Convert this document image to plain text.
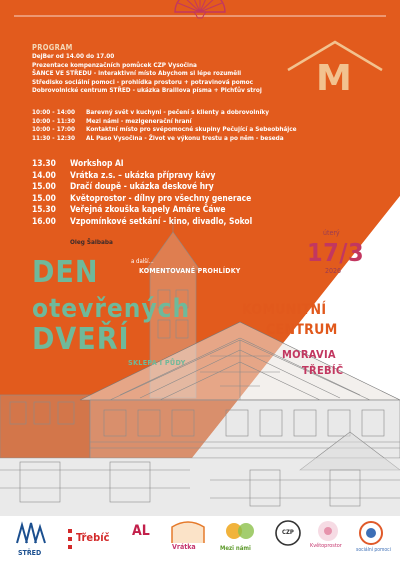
M
PROGRAM
DejBer od 14.00 do 17.00
Prezentace kompenzačních pomůcek CZP Vysočina
ŠANCE VE STŘEDU - interaktivní místo Abychom si lépe rozuměli
Středisko sociální pomoci - prohlídka prostoru + potravinová pomoc
Dobrovolnické centrum STŘED - ukázka Braillova písma + Pichťův stroj
10:00 - 14:00	Barevný svět v kuchyni - pečení s klienty a dobrovolníky
10:00 - 11:30	Mezi námi - mezigenerační hraní
10:00 - 17:00	Kontaktní místo pro svépomocné skupiny Pečující a Sebeobhájce
11:30 - 12:30	AL Paso Vysočina - Život ve výkonu trestu a po něm - beseda
13.30	Workshop AI
14.00	Vrátka z.s. – ukázka přípravy kávy
15.00	Dračí doupě - ukázka deskové hry
15.00	Květoprostor - dílny pro všechny generace
15.30	Veřejná zkouška kapely Amáre Čáwe
16.00	Vzpomínkové setkání - kino, divadlo, Sokol
Oleg Šalbaba
a další...
KOMENTOVANÉ PROHLÍDKY
DEN
otevřených
DVEŘÍ
SKLEPA I PŮDY
úterý
17/3
2026
KOMUNITNÍ
CENTRUM
MORAVIA
TŘEBÍČ
STŘED
Třebíč AL
Vrátka	Mezi námi
CZP
Květoprostor
sociální pomoci
